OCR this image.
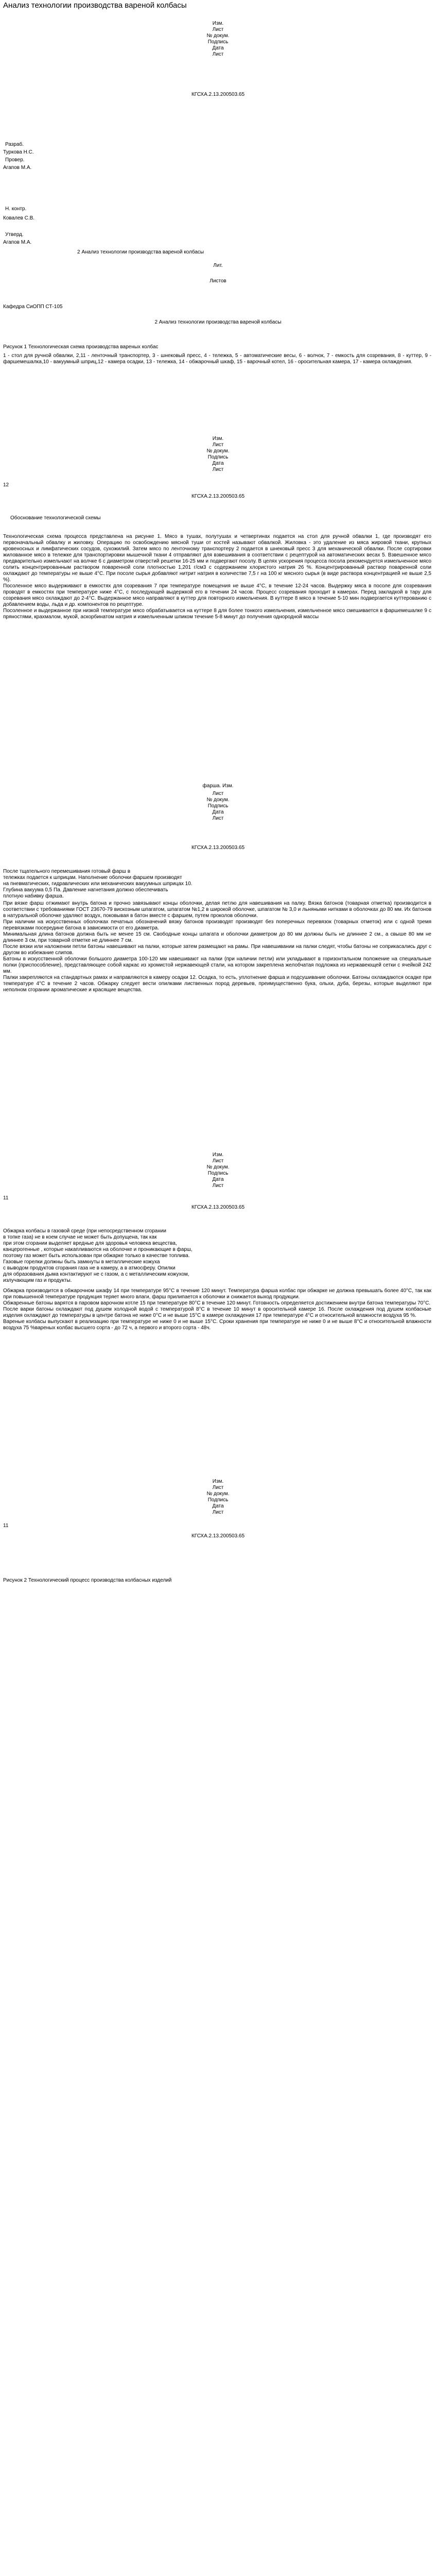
Анализ технологии производства вареной колбасы
Изм.
Лист
№ докум.
Подпись
Дата
Лист
КГСХА.2.13.200503.65
Разраб.
Туркова Н.С.
Провер.
Агапов М.А.
Н. контр.
Ковалев С.В.
Утверд.
Агапов М.А.
2 Анализ технологии производства вареной колбасы
Лит.
Листов
Кафедра СиОПП СТ-105
2 Анализ технологии производства вареной колбасы
Рисунок 1 Технологическая схема производства вареных колбас
1 - стол для ручной обвалки, 2,11 - ленточный транспортер, 3 - шнековый пресс, 4 - тележка, 5 - автоматические весы, 6 - волчок, 7 - емкость для созревания, 8 - куттер, 9 - фаршемешалка,10 - вакуумный шприц,12 - камера осадки, 13 - тележка, 14 - обжарочный шкаф, 15 - варочный котел, 16 - оросительная камера, 17 - камера охлаждения.
Изм.
Лист
№ докум.
Подпись
Дата
Лист
12
КГСХА.2.13.200503.65
Обоснование технологической схемы

Технологическая схема процесса представлена на рисунке 1. Мясо в тушах, полутушах и четвертинах подается на стол для ручной обвалки 1, где производят его первоначальный обвалку и жиловку. Операцию по освобождению мясной туши от костей называют обвалкой. Жиловка - это удаление из мяса жировой ткани, крупных кровеносных и лимфатических сосудов, сухожилий. Затем мясо по ленточному транспортеру 2 подается в шнековый пресс 3 для механической обвалки. После сортировки жилованное мясо в тележке для транспортировки мышечной ткани 4 отправляют для взвешивания в соответствии с рецептурой на автоматических весах 5. Взвешенное мясо предварительно измельчают на волчке 6 с диаметром отверстий решетки 16-25 мм и подвергают посолу. В целях ускорения процесса посола рекомендуется измельченное мясо солить концентрированным раствором поваренной соли плотностью 1,201 г/см3 с содержанием хлористого натрия 26 %. Концентрированный раствор поваренной соли охлаждают до температуры не выше 4°С. При посоле сырья добавляют нитрит натрия в количестве 7,5 г на 100 кг мясного сырья (в виде раствора концентрацией не выше 2,5 %).

Посоленное мясо выдерживают в емкостях для созревания 7 при температуре помещения не выше 4°С, в течение 12-24 часов. Выдержку мяса в посоле для созревания проводят в емкостях при температуре ниже 4°С, с последующей выдержкой его в течении 24 часов. Процесс созревания проходит в камерах. Перед закладкой в тару для созревания мясо охлаждают до 2-4°С. Выдержанное мясо направляют в куттер для повторного измельчения. В куттере 8 мясо в течение 5-10 мин подвергается куттерованию с добавлением воды, льда и др. компонентов по рецептуре.

Посоленное и выдержанное при низкой температуре мясо обрабатывается на куттере 8 для более тонкого измельчения, измельченное мясо смешивается в фаршемешалке 9 с пряностями, крахмалом, мукой, аскорбинатом натрия и измельченным шпиком течение 5-8 минут до получения однородной массы

фарша. Изм.
Лист
№ докум.
Подпись
Дата
Лист
КГСХА.2.13.200503.65

После тщательного перемешивания готовый фарш в

тележках подается к шприцам. Наполнение оболочки фаршем производят

на пневматических, гидравлических или механических вакуумных шприцах 10.

Глубина вакуума 0,5 Па. Давление нагнетания должно обеспечивать

плотную набивку фарша.

При вязке фарш отжимают внутрь батона и прочно завязывают концы оболочки, делая петлю для навешивания на палку. Вязка батонов (товарная отметка) производится в соответствии с требованиями ГОСТ 23670-79 вискозным шпагатом, шпагатом №1,2 в широкой оболочке, шпагатом № 3,0 и льняными нитками в оболочках до 80 мм. Их батонов в натуральной оболочке удаляют воздух, поковывая в батон вместе с фаршем, путем проколов оболочки.

При наличии на искусственных оболочках печатных обозначений вязку батонов производят производят без поперечных перевязок (товарных отметок) или с одной тремя перевязками посередине батона в зависимости от его диаметра.

Минимальная длина батонов должна быть не менее 15 см. Свободные концы шпагата и оболочки диаметром до 80 мм должны быть не длиннее 2 см., а свыше 80 мм не длиннее 3 см, при товарной отметке не длиннее 7 см.

После вязки или наложении петли батоны навешивают на палки, которые затем размещают на рамы. При навешивании на палки следят, чтобы батоны не соприкасались друг с другом во избежание слипов.

Батоны в искусственной оболочки большого диаметра 100-120 мм навешивают на палки (при наличии петли) или укладывают в горизонтальном положение на специальные полки (приспособление), представляющее собой каркас из хромистой нержавеющей стали, на котором закреплена желобчатая подложка из нержавеющей сетки с ячейкой 242 мм.

Палки закрепляются на стандартных рамах и направляются в камеру осадки 12. Осадка, то есть, уплотнение фарша и подсушивание оболочки. Батоны охлаждаются осадке при температуре 4°С в течение 2 часов. Обжарку следует вести опилками лиственных пород деревьев, преимущественно бука, ольхи, дуба, березы, которые выделяют при неполном сгорании ароматические и красящие вещества.

Изм.
Лист
№ докум.
Подпись
Дата
Лист
11
КГСХА.2.13.200503.65

Обжарка колбасы в газовой среде (при непосредственном сгорании

в топке газа) не в коем случае не может быть допущена, так как

при этом сгорании выделяет вредные для здоровья человека вещества,

канцерогенные , которые накапливаются на оболочке и проникающие в фарш,

поэтому газ может быть использован при обжарке только в качестве топлива.

Газовые горелки должны быть замкнуты в металлические кожуха

с выводом продуктов сгорания газа не в камеру, а в атмосферу. Опилки

для образования дыма контактируют не с газом, а с металлическим кожухом,

излучающим газ и продукты.

Обжарка производится в обжарочном шкафу 14 при температуре 95°С в течение 120 минут. Температура фарша колбас при обжарке не должна превышать более 40°С, так как при повышенной температуре продукция теряет много влаги, фарш прилипается к оболочки и снижается выход продукции.

Обжаренные батоны варятся в паровом варочном котле 15 при температуре 80°С в течение 120 минут. Готовность определяется достижением внутри батона температуры 70°С.

После варки батоны охлаждают под душем холодной водой с температурой 8°С в течение 10 минут в оросительной камере 16. После охлаждения под душем колбасные изделия охлаждают до температуры в центре батона не ниже 0°С и не выше 15°С в камере охлаждения 17 при температуре 4°С и относительной влажности воздуха 95 %.

Вареные колбасы выпускают в реализацию при температуре не ниже 0 и не выше 15°С. Сроки хранения при температуре не ниже 0 и не выше 8°С и относительной влажности воздуха 75 %вареных колбас высшего сорта - до 72 ч, а первого и второго сорта - 48ч.

Изм.
Лист
№ докум.
Подпись
Дата
Лист
11
КГСХА.2.13.200503.65
Рисунок 2 Технологический процесс производства колбасных изделий
